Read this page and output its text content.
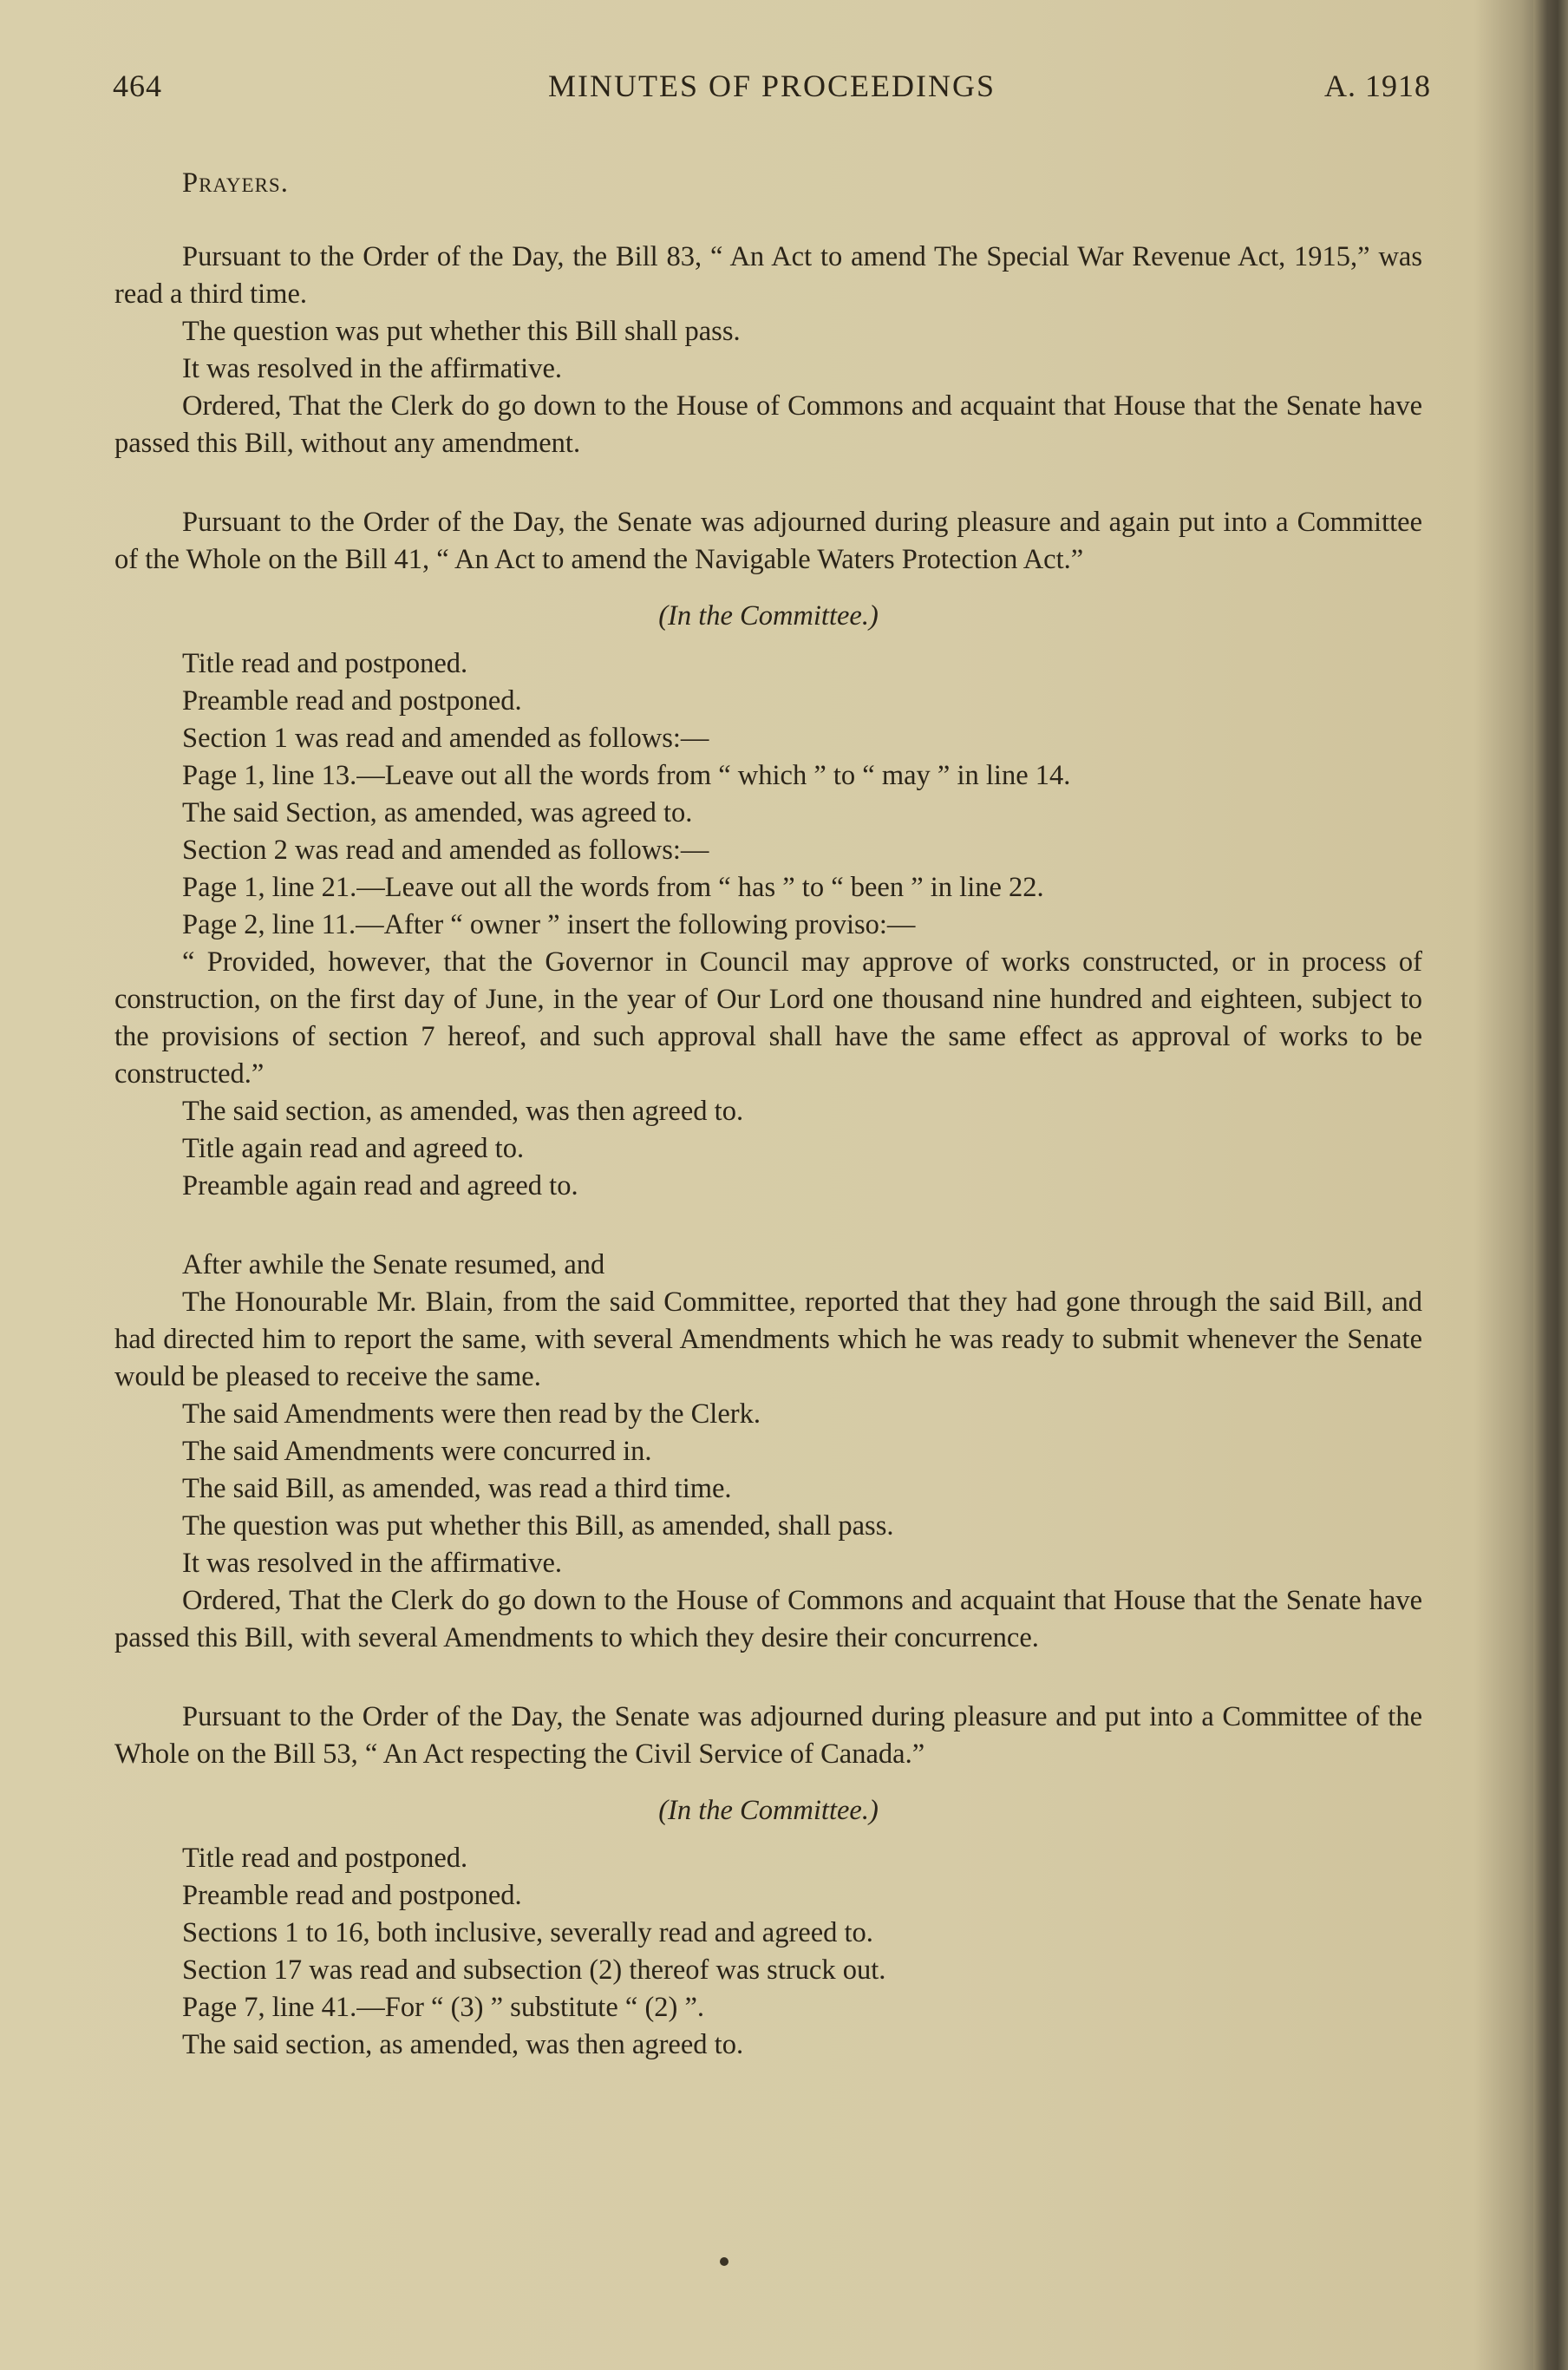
464	MINUTES OF PROCEEDINGS	A. 1918

Prayers.

Pursuant to the Order of the Day, the Bill 83, “ An Act to amend The Special War Revenue Act, 1915,” was read a third time.

The question was put whether this Bill shall pass.

It was resolved in the affirmative.

Ordered, That the Clerk do go down to the House of Commons and acquaint that House that the Senate have passed this Bill, without any amendment.

Pursuant to the Order of the Day, the Senate was adjourned during pleasure and again put into a Committee of the Whole on the Bill 41, “ An Act to amend the Navigable Waters Protection Act.”

(In the Committee.)

Title read and postponed.

Preamble read and postponed.

Section 1 was read and amended as follows:—

Page 1, line 13.—Leave out all the words from “ which ” to “ may ” in line 14.

The said Section, as amended, was agreed to.

Section 2 was read and amended as follows:—

Page 1, line 21.—Leave out all the words from “ has ” to “ been ” in line 22.

Page 2, line 11.—After “ owner ” insert the following proviso:—

“ Provided, however, that the Governor in Council may approve of works constructed, or in process of construction, on the first day of June, in the year of Our Lord one thousand nine hundred and eighteen, subject to the provisions of section 7 hereof, and such approval shall have the same effect as approval of works to be constructed.”

The said section, as amended, was then agreed to.

Title again read and agreed to.

Preamble again read and agreed to.

After awhile the Senate resumed, and

The Honourable Mr. Blain, from the said Committee, reported that they had gone through the said Bill, and had directed him to report the same, with several Amendments which he was ready to submit whenever the Senate would be pleased to receive the same.

The said Amendments were then read by the Clerk.

The said Amendments were concurred in.

The said Bill, as amended, was read a third time.

The question was put whether this Bill, as amended, shall pass.

It was resolved in the affirmative.

Ordered, That the Clerk do go down to the House of Commons and acquaint that House that the Senate have passed this Bill, with several Amendments to which they desire their concurrence.

Pursuant to the Order of the Day, the Senate was adjourned during pleasure and put into a Committee of the Whole on the Bill 53, “ An Act respecting the Civil Service of Canada.”

(In the Committee.)

Title read and postponed.

Preamble read and postponed.

Sections 1 to 16, both inclusive, severally read and agreed to.

Section 17 was read and subsection (2) thereof was struck out.

Page 7, line 41.—For “ (3) ” substitute “ (2) ”.

The said section, as amended, was then agreed to.
